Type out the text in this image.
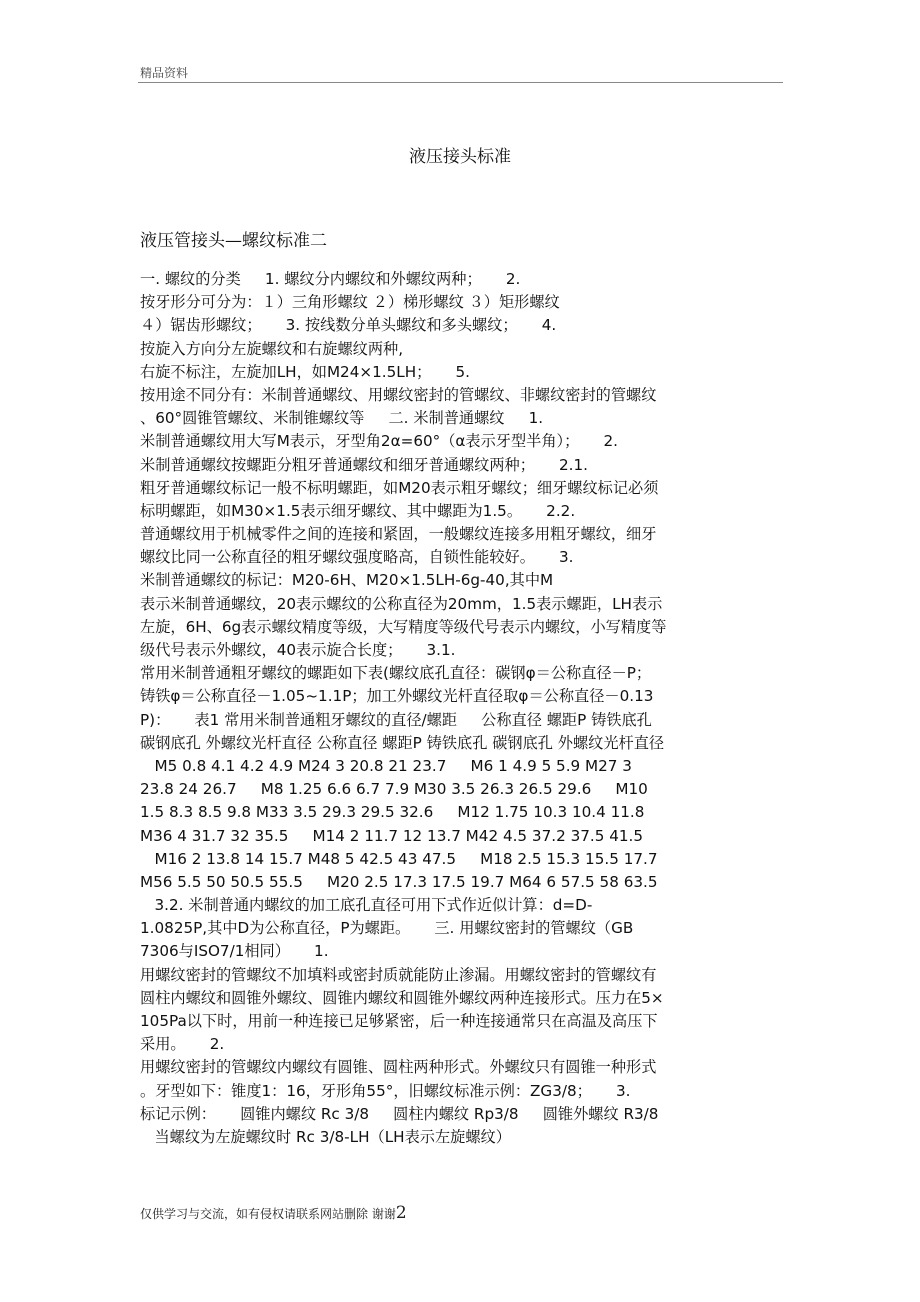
精品资料
液压接头标准
液压管接头—螺纹标准二
一. 螺纹的分类     1. 螺纹分内螺纹和外螺纹两种；     2.
按牙形分可分为：１）三角形螺纹 ２）梯形螺纹 ３）矩形螺纹
４）锯齿形螺纹；     3. 按线数分单头螺纹和多头螺纹；     4.
按旋入方向分左旋螺纹和右旋螺纹两种,
右旋不标注，左旋加LH，如M24×1.5LH；     5.
按用途不同分有：米制普通螺纹、用螺纹密封的管螺纹、非螺纹密封的管螺纹
、60°圆锥管螺纹、米制锥螺纹等     二. 米制普通螺纹     1.
米制普通螺纹用大写M表示，牙型角2α=60°（α表示牙型半角）；     2.
米制普通螺纹按螺距分粗牙普通螺纹和细牙普通螺纹两种；     2.1.
粗牙普通螺纹标记一般不标明螺距，如M20表示粗牙螺纹；细牙螺纹标记必须
标明螺距，如M30×1.5表示细牙螺纹、其中螺距为1.5。     2.2.
普通螺纹用于机械零件之间的连接和紧固，一般螺纹连接多用粗牙螺纹，细牙
螺纹比同一公称直径的粗牙螺纹强度略高，自锁性能较好。     3.
米制普通螺纹的标记：M20-6H、M20×1.5LH-6g-40,其中M
表示米制普通螺纹，20表示螺纹的公称直径为20mm，1.5表示螺距，LH表示
左旋，6H、6g表示螺纹精度等级，大写精度等级代号表示内螺纹，小写精度等
级代号表示外螺纹，40表示旋合长度；     3.1.
常用米制普通粗牙螺纹的螺距如下表(螺纹底孔直径：碳钢φ＝公称直径－P；
铸铁φ＝公称直径－1.05~1.1P；加工外螺纹光杆直径取φ＝公称直径－0.13
P)：     表1 常用米制普通粗牙螺纹的直径/螺距     公称直径 螺距P 铸铁底孔
碳钢底孔 外螺纹光杆直径 公称直径 螺距P 铸铁底孔 碳钢底孔 外螺纹光杆直径
M5 0.8 4.1 4.2 4.9 M24 3 20.8 21 23.7     M6 1 4.9 5 5.9 M27 3
23.8 24 26.7     M8 1.25 6.6 6.7 7.9 M30 3.5 26.3 26.5 29.6     M10
1.5 8.3 8.5 9.8 M33 3.5 29.3 29.5 32.6     M12 1.75 10.3 10.4 11.8
M36 4 31.7 32 35.5     M14 2 11.7 12 13.7 M42 4.5 37.2 37.5 41.5
M16 2 13.8 14 15.7 M48 5 42.5 43 47.5     M18 2.5 15.3 15.5 17.7
M56 5.5 50 50.5 55.5     M20 2.5 17.3 17.5 19.7 M64 6 57.5 58 63.5
3.2. 米制普通内螺纹的加工底孔直径可用下式作近似计算：d=D-
1.0825P,其中D为公称直径，P为螺距。     三. 用螺纹密封的管螺纹（GB
7306与ISO7/1相同）     1.
用螺纹密封的管螺纹不加填料或密封质就能防止渗漏。用螺纹密封的管螺纹有
圆柱内螺纹和圆锥外螺纹、圆锥内螺纹和圆锥外螺纹两种连接形式。压力在5×
105Pa以下时，用前一种连接已足够紧密，后一种连接通常只在高温及高压下
采用。     2.
用螺纹密封的管螺纹内螺纹有圆锥、圆柱两种形式。外螺纹只有圆锥一种形式
。牙型如下：锥度1：16，牙形角55°，旧螺纹标准示例：ZG3/8；     3.
标记示例：     圆锥内螺纹 Rc 3/8     圆柱内螺纹 Rp3/8     圆锥外螺纹 R3/8
当螺纹为左旋螺纹时 Rc 3/8-LH（LH表示左旋螺纹）
仅供学习与交流，如有侵权请联系网站删除 谢谢2
